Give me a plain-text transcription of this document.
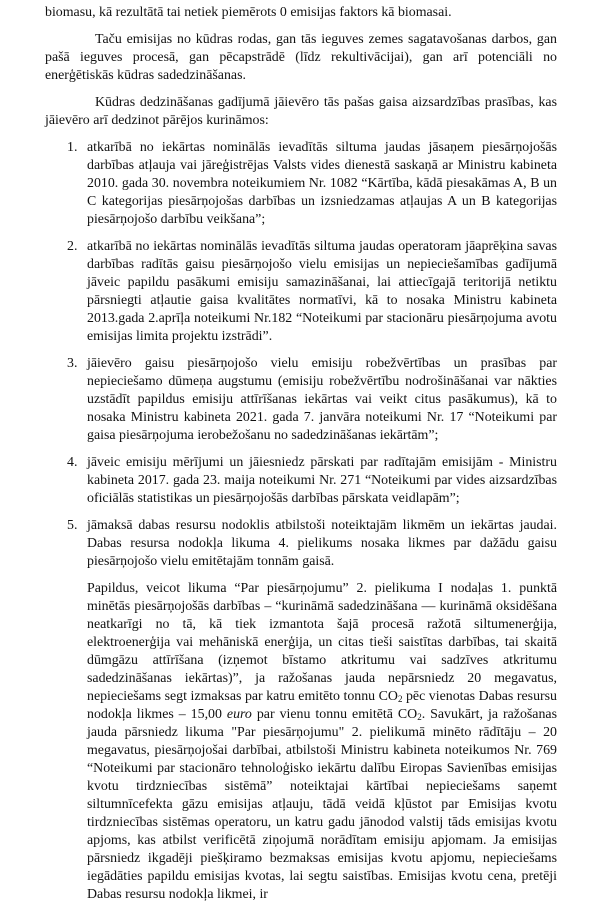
biomasu, kā rezultātā tai netiek piemērots 0 emisijas faktors kā biomasai.

Taču emisijas no kūdras rodas, gan tās ieguves zemes sagatavošanas darbos, gan pašā ieguves procesā, gan pēcapstrādē (līdz rekultivācijai), gan arī potenciāli no enerģētiskās kūdras sadedzināšanas.

Kūdras dedzināšanas gadījumā jāievēro tās pašas gaisa aizsardzības prasības, kas jāievēro arī dedzinot pārējos kurināmos:

1. atkarībā no iekārtas nominālās ievadītās siltuma jaudas jāsaņem piesārņojošās darbības atļauja vai jāreģistrējas Valsts vides dienestā saskaņā ar Ministru kabineta 2010. gada 30. novembra noteikumiem Nr. 1082 “Kārtība, kādā piesakāmas A, B un C kategorijas piesārņojošas darbības un izsniedzamas atļaujas A un B kategorijas piesārņojošo darbību veikšana”;
2. atkarībā no iekārtas nominālās ievadītās siltuma jaudas operatoram jāaprēķina savas darbības radītās gaisu piesārņojošo vielu emisijas un nepieciešamības gadījumā jāveic papildu pasākumi emisiju samazināšanai, lai attiecīgajā teritorijā netiktu pārsniegti atļautie gaisa kvalitātes normatīvi, kā to nosaka Ministru kabineta 2013.gada 2.aprīļa noteikumi Nr.182 “Noteikumi par stacionāru piesārņojuma avotu emisijas limita projektu izstrādi”.
3. jāievēro gaisu piesārņojošo vielu emisiju robežvērtības un prasības par nepieciešamo dūmeņa augstumu (emisiju robežvērtību nodrošināšanai var nākties uzstādīt papildus emisiju attīrīšanas iekārtas vai veikt citus pasākumus), kā to nosaka Ministru kabineta 2021. gada 7. janvāra noteikumi Nr. 17 “Noteikumi par gaisa piesārņojuma ierobežošanu no sadedzināšanas iekārtām”;
4. jāveic emisiju mērījumi un jāiesniedz pārskati par radītajām emisijām - Ministru kabineta 2017. gada 23. maija noteikumi Nr. 271 “Noteikumi par vides aizsardzības oficiālās statistikas un piesārņojošās darbības pārskata veidlapām”;
5. jāmaksā dabas resursu nodoklis atbilstoši noteiktajām likmēm un iekārtas jaudai. Dabas resursa nodokļa likuma 4. pielikums nosaka likmes par dažādu gaisu piesārņojošo vielu emitētajām tonnām gaisā.

Papildus, veicot likuma “Par piesārņojumu” 2. pielikuma I nodaļas 1. punktā minētās piesārņojošās darbības – “kurināmā sadedzināšana — kurināmā oksidēšana neatkarīgi no tā, kā tiek izmantota šajā procesā ražotā siltumenerģija, elektroenerģija vai mehāniskā enerģija, un citas tieši saistītas darbības, tai skaitā dūmgāzu attīrīšana (izņemot bīstamo atkritumu vai sadzīves atkritumu sadedzināšanas iekārtas)”, ja ražošanas jauda nepārsniedz 20 megavatus, nepieciešams segt izmaksas par katru emitēto tonnu $CO_2$ pēc vienotas Dabas resursu nodokļa likmes – 15,00 euro par vienu tonnu emitētā $CO_2$. Savukārt, ja ražošanas jauda pārsniedz likuma "Par piesārņojumu" 2. pielikumā minēto rādītāju – 20 megavatus, piesārņojošai darbībai, atbilstoši Ministru kabineta noteikumos Nr. 769 “Noteikumi par stacionāro tehnoloģisko iekārtu dalību Eiropas Savienības emisijas kvotu tirdzniecības sistēmā” noteiktajai kārtībai nepieciešams saņemt siltumnīcefekta gāzu emisijas atļauju, tādā veidā kļūstot par Emisijas kvotu tirdzniecības sistēmas operatoru, un katru gadu jānodod valstij tāds emisijas kvotu apjoms, kas atbilst verificētā ziņojumā norādītam emisiju apjomam. Ja emisijas pārsniedz ikgadēji piešķiramo bezmaksas emisijas kvotu apjomu, nepieciešams iegādāties papildu emisijas kvotas, lai segtu saistības. Emisijas kvotu cena, pretēji Dabas resursu nodokļa likmei, ir
